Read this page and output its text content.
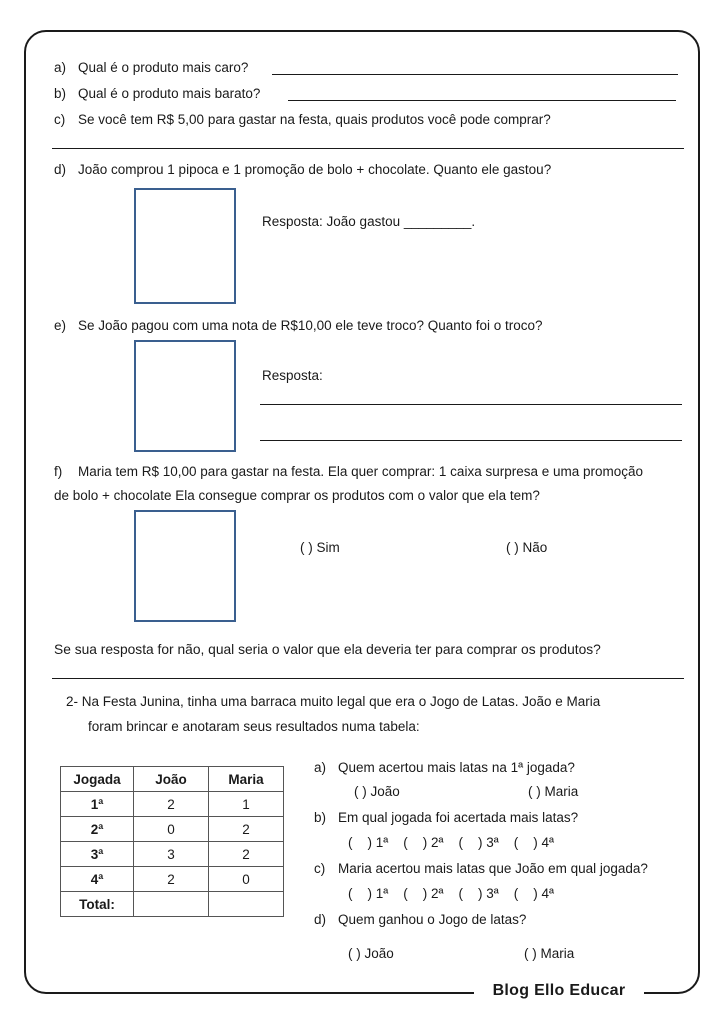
Blog Ello Educar
a) Qual é o produto mais caro?
b) Qual é o produto mais barato?
c) Se você tem R$ 5,00 para gastar na festa, quais produtos você pode comprar?
d) João comprou 1 pipoca e 1 promoção de bolo + chocolate. Quanto ele gastou?
Resposta: João gastou _________.
e) Se João pagou com uma nota de R$10,00 ele teve troco? Quanto foi o troco?
Resposta:
f) Maria tem R$ 10,00 para gastar na festa. Ela quer comprar: 1 caixa surpresa e uma promoção
de bolo + chocolate Ela consegue comprar os produtos com o valor que ela tem?
( ) Sim	( ) Não
Se sua resposta for não, qual seria o valor que ela deveria ter para comprar os produtos?
2- Na Festa Junina, tinha uma barraca muito legal que era o Jogo de Latas. João e Maria
foram brincar e anotaram seus resultados numa tabela:
Jogada	João	Maria
1ª	2	1
2ª	0	2
3ª	3	2
4ª	2	0
Total:		
a) Quem acertou mais latas na 1ª jogada?
( ) João	( ) Maria
b) Em qual jogada foi acertada mais latas?
(    ) 1ª    (    ) 2ª    (    ) 3ª    (    ) 4ª
c) Maria acertou mais latas que João em qual jogada?
(    ) 1ª    (    ) 2ª    (    ) 3ª    (    ) 4ª
d) Quem ganhou o Jogo de latas?
( ) João	( ) Maria
